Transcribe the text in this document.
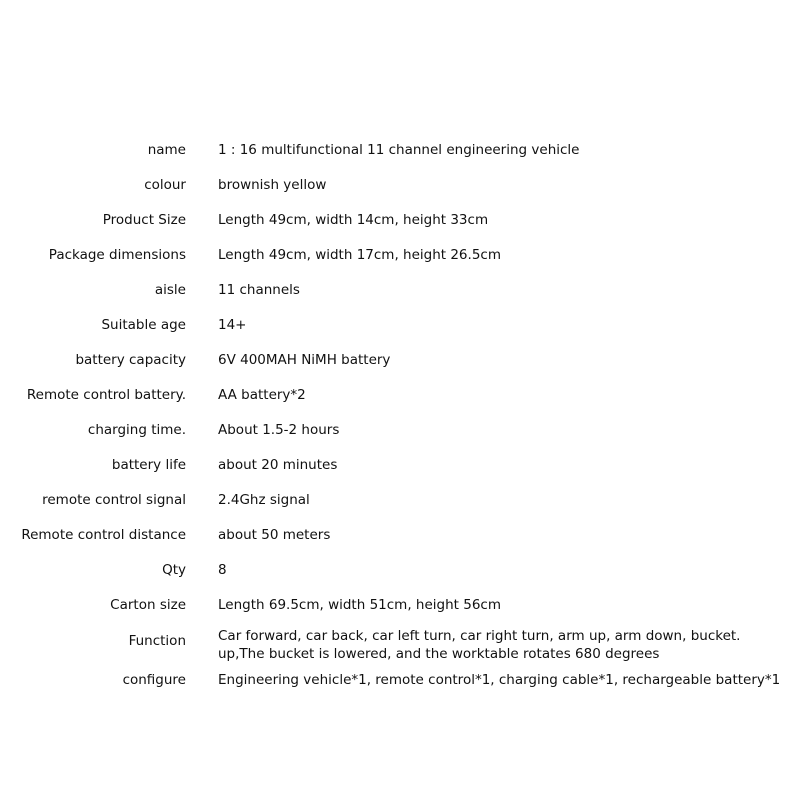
name 1 : 16 multifunctional 11 channel engineering vehicle
colour brownish yellow
Product Size Length 49cm, width 14cm, height 33cm
Package dimensions Length 49cm, width 17cm, height 26.5cm
aisle 11 channels
Suitable age 14+
battery capacity 6V 400MAH NiMH battery
Remote control battery. AA battery*2
charging time. About 1.5-2 hours
battery life about 20 minutes
remote control signal 2.4Ghz signal
Remote control distance about 50 meters
Qty 8
Carton size Length 69.5cm, width 51cm, height 56cm
Function Car forward, car back, car left turn, car right turn, arm up, arm down, bucket. up,The bucket is lowered, and the worktable rotates 680 degrees
configure Engineering vehicle*1, remote control*1, charging cable*1, rechargeable battery*1
